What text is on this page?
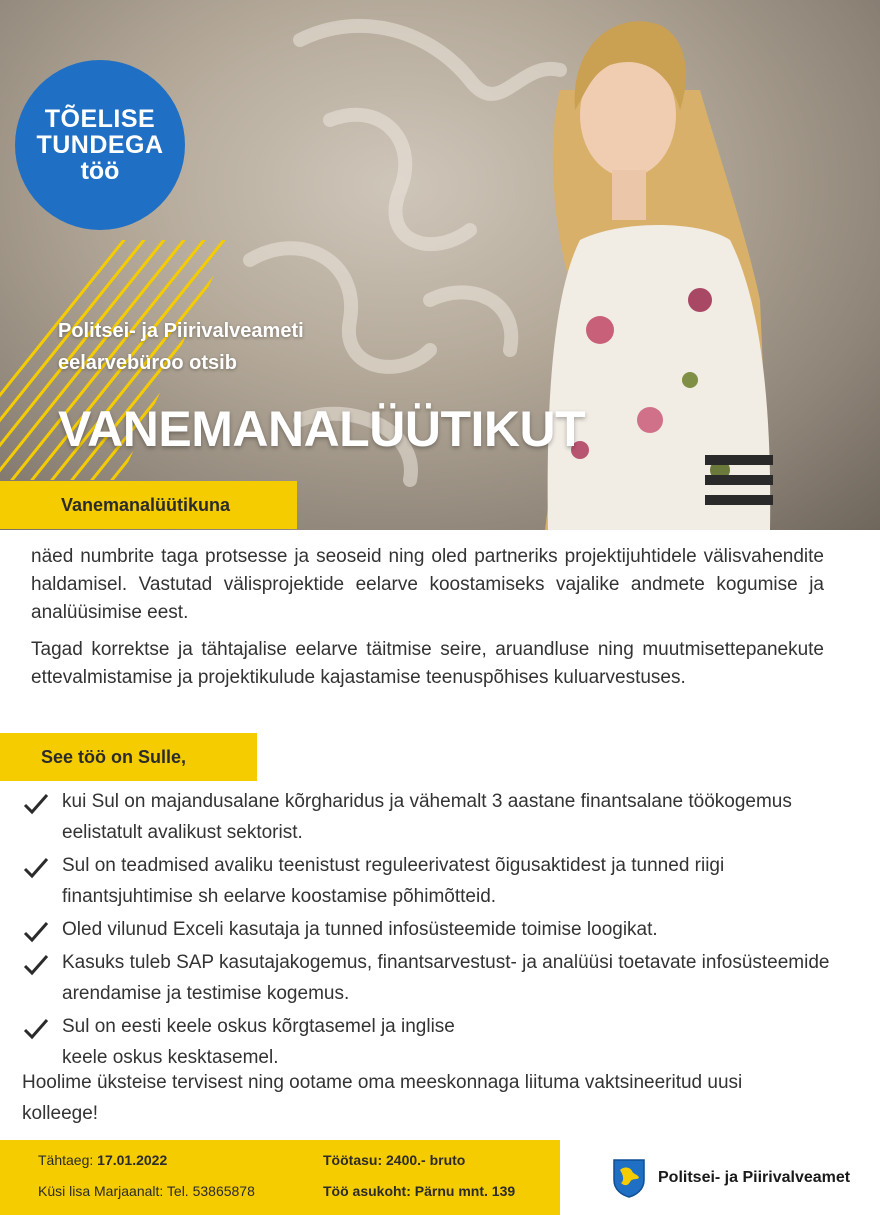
TÕELISE
TUNDEGA
töö
Politsei- ja Piirivalveameti
eelarvebüroo otsib
VANEMANALÜÜTIKUT
Vanemanalüütikuna

näed numbrite taga protsesse ja seoseid ning oled partneriks projektijuhtidele välisvahendite haldamisel. Vastutad välisprojektide eelarve koostamiseks vajalike andmete kogumise ja analüüsimise eest.

Tagad korrektse ja tähtajalise eelarve täitmise seire, aruandluse ning muutmisettepanekute ettevalmistamise ja projektikulude kajastamise teenuspõhises kuluarvestuses.

See töö on Sulle,
kui Sul on majandusalane kõrgharidus ja vähemalt 3 aastane finantsalane töökogemus eelistatult avalikust sektorist.
Sul on teadmised avaliku teenistust reguleerivatest õigusaktidest ja tunned riigi finantsjuhtimise sh eelarve koostamise põhimõtteid.
Oled vilunud Exceli kasutaja ja tunned infosüsteemide toimise loogikat.
Kasuks tuleb SAP kasutajakogemus, finantsarvestust- ja analüüsi toetavate infosüsteemide arendamise ja testimise kogemus.
Sul on eesti keele oskus kõrgtasemel ja inglise keele oskus kesktasemel.

Hoolime üksteise tervisest ning ootame oma meeskonnaga liituma vaktsineeritud uusi kolleege!

Tähtaeg: 17.01.2022
Küsi lisa Marjaanalt: Tel. 53865878
Töötasu: 2400.- bruto
Töö asukoht: Pärnu mnt. 139
Politsei- ja Piirivalveamet
